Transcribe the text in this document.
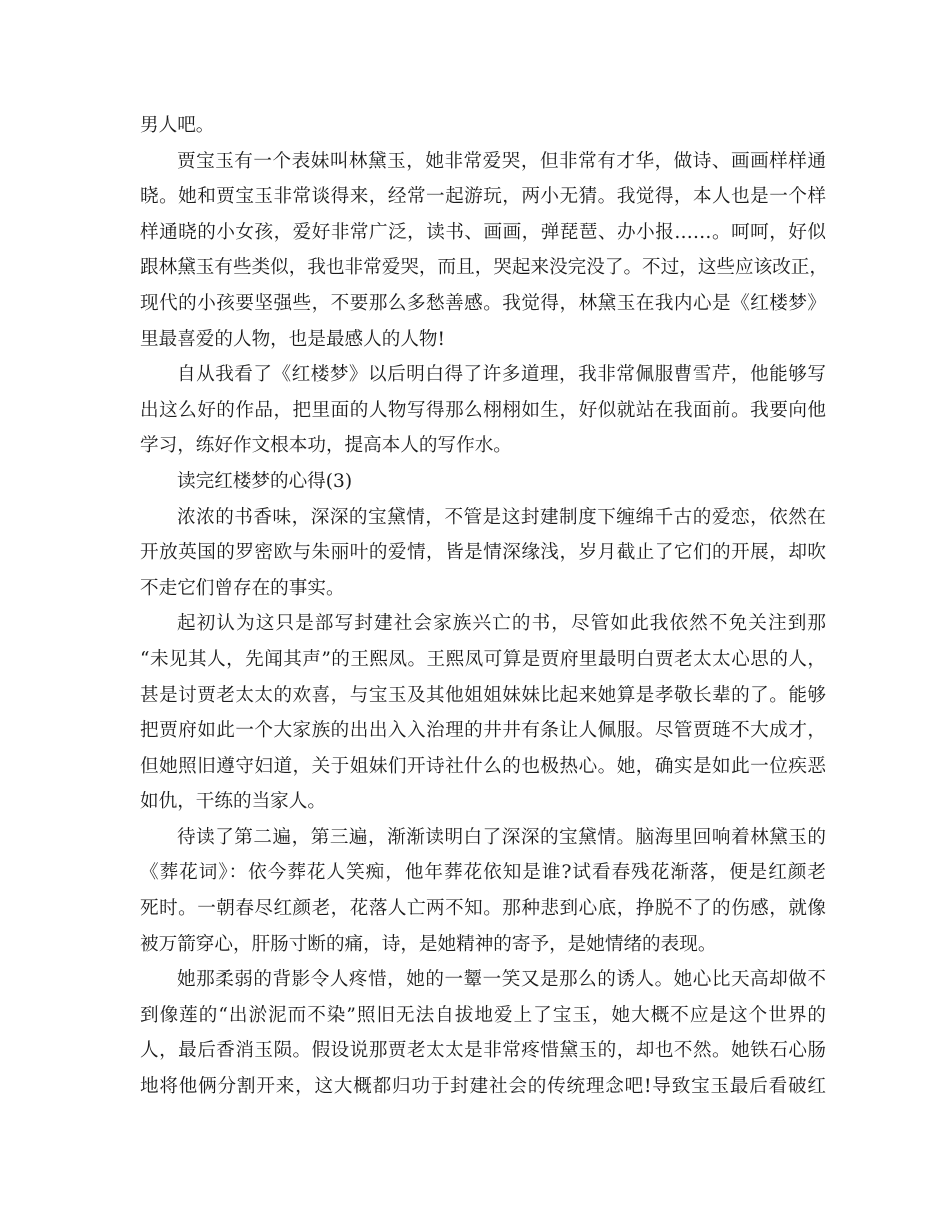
男人吧。
贾宝玉有一个表妹叫林黛玉，她非常爱哭，但非常有才华，做诗、画画样样通
晓。她和贾宝玉非常谈得来，经常一起游玩，两小无猜。我觉得，本人也是一个样
样通晓的小女孩，爱好非常广泛，读书、画画，弹琵琶、办小报……。呵呵，好似
跟林黛玉有些类似，我也非常爱哭，而且，哭起来没完没了。不过，这些应该改正，
现代的小孩要坚强些，不要那么多愁善感。我觉得，林黛玉在我内心是《红楼梦》
里最喜爱的人物，也是最感人的人物!
自从我看了《红楼梦》以后明白得了许多道理，我非常佩服曹雪芹，他能够写
出这么好的作品，把里面的人物写得那么栩栩如生，好似就站在我面前。我要向他
学习，练好作文根本功，提高本人的写作水。
读完红楼梦的心得(3)
浓浓的书香味，深深的宝黛情，不管是这封建制度下缠绵千古的爱恋，依然在
开放英国的罗密欧与朱丽叶的爱情，皆是情深缘浅，岁月截止了它们的开展，却吹
不走它们曾存在的事实。
起初认为这只是部写封建社会家族兴亡的书，尽管如此我依然不免关注到那
“未见其人，先闻其声”的王熙凤。王熙凤可算是贾府里最明白贾老太太心思的人，
甚是讨贾老太太的欢喜，与宝玉及其他姐姐妹妹比起来她算是孝敬长辈的了。能够
把贾府如此一个大家族的出出入入治理的井井有条让人佩服。尽管贾琏不大成才，
但她照旧遵守妇道，关于姐妹们开诗社什么的也极热心。她，确实是如此一位疾恶
如仇，干练的当家人。
待读了第二遍，第三遍，渐渐读明白了深深的宝黛情。脑海里回响着林黛玉的
《葬花词》：依今葬花人笑痴，他年葬花依知是谁?试看春残花渐落，便是红颜老
死时。一朝春尽红颜老，花落人亡两不知。那种悲到心底，挣脱不了的伤感，就像
被万箭穿心，肝肠寸断的痛，诗，是她精神的寄予，是她情绪的表现。
她那柔弱的背影令人疼惜，她的一颦一笑又是那么的诱人。她心比天高却做不
到像莲的“出淤泥而不染”照旧无法自拔地爱上了宝玉，她大概不应是这个世界的
人，最后香消玉陨。假设说那贾老太太是非常疼惜黛玉的，却也不然。她铁石心肠
地将他俩分割开来，这大概都归功于封建社会的传统理念吧!导致宝玉最后看破红
